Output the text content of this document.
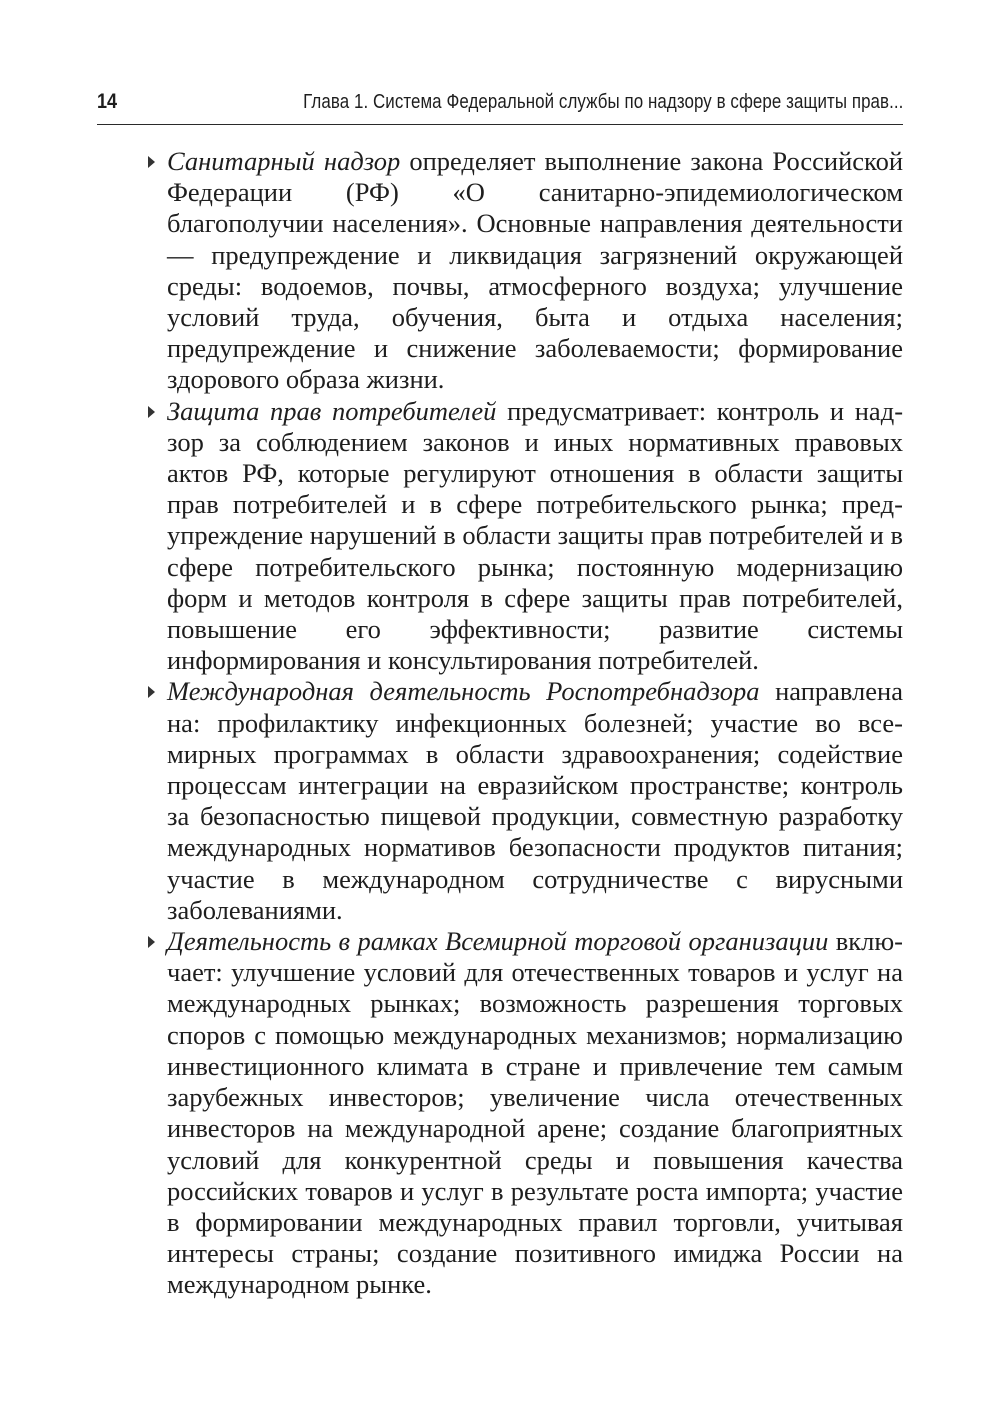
14	Глава 1. Система Федеральной службы по надзору в сфере защиты прав...
Санитарный надзор определяет выполнение закона Российской Федерации (РФ) «О санитарно-эпидемиологическом благополучии населения». Основные направления деятельности — предупреждение и ликвидация загрязнений окружающей среды: водоемов, почвы, атмосферного воздуха; улучшение условий труда, обучения, быта и отдыха населения; предупреждение и снижение заболеваемости; формирование здорового образа жизни.
Защита прав потребителей предусматривает: контроль и надзор за соблюдением законов и иных нормативных правовых актов РФ, которые регулируют отношения в области защиты прав потребителей и в сфере потребительского рынка; предупреждение нарушений в области защиты прав потребителей и в сфере потребительского рынка; постоянную модернизацию форм и методов контроля в сфере защиты прав потребителей, повышение его эффективности; развитие системы информирования и консультирования потребителей.
Международная деятельность Роспотребнадзора направлена на: профилактику инфекционных болезней; участие во всемирных программах в области здравоохранения; содействие процессам интеграции на евразийском пространстве; контроль за безопасностью пищевой продукции, совместную разработку международных нормативов безопасности продуктов питания; участие в международном сотрудничестве с вирусными заболеваниями.
Деятельность в рамках Всемирной торговой организации включает: улучшение условий для отечественных товаров и услуг на международных рынках; возможность разрешения торговых споров с помощью международных механизмов; нормализацию инвестиционного климата в стране и привлечение тем самым зарубежных инвесторов; увеличение числа отечественных инвесторов на международной арене; создание благоприятных условий для конкурентной среды и повышения качества российских товаров и услуг в результате роста импорта; участие в формировании международных правил торговли, учитывая интересы страны; создание позитивного имиджа России на международном рынке.
